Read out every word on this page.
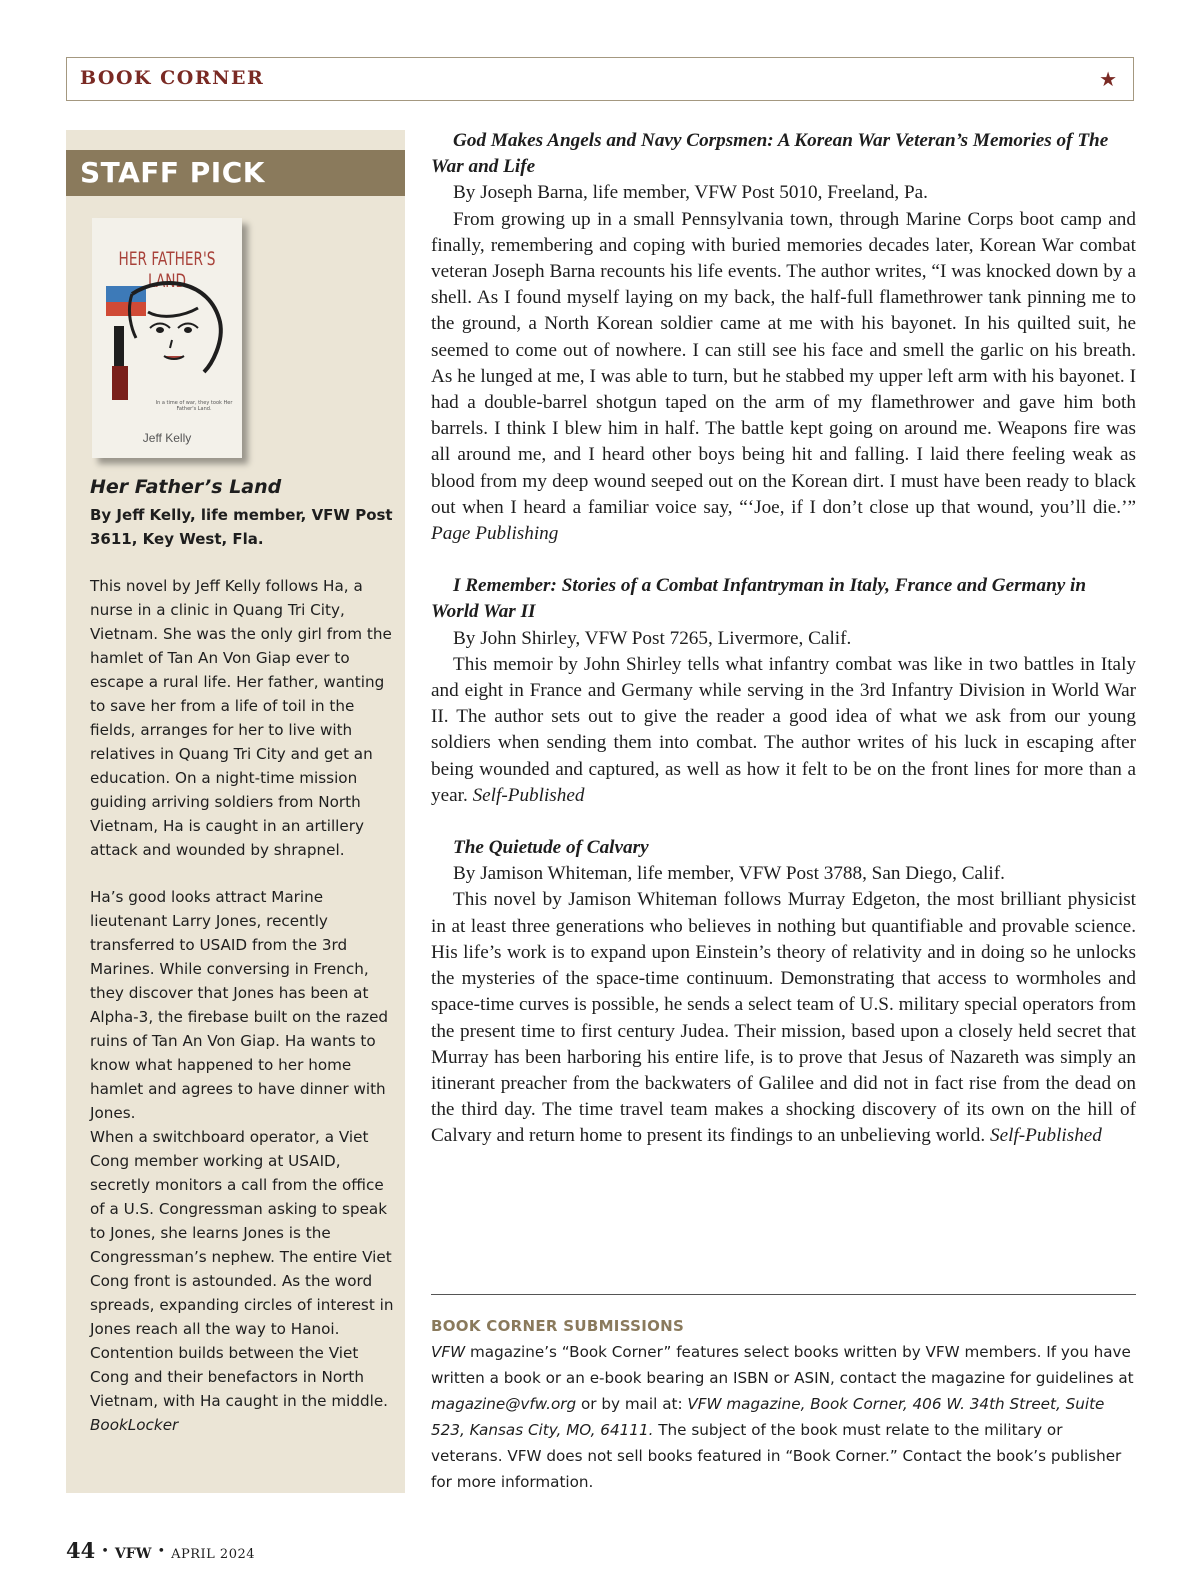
BOOK CORNER	★
STAFF PICK
HER FATHER'S LAND
In a time of war, they took Her Father's Land.
Jeff Kelly
Her Father’s Land
By Jeff Kelly, life member, VFW Post 3611, Key West, Fla.
This novel by Jeff Kelly follows Ha, a nurse in a clinic in Quang Tri City, Vietnam. She was the only girl from the hamlet of Tan An Von Giap ever to escape a rural life. Her father, wanting to save her from a life of toil in the fields, arranges for her to live with relatives in Quang Tri City and get an education. On a night-time mission guiding arriving soldiers from North Vietnam, Ha is caught in an artillery attack and wounded by shrapnel.
Ha’s good looks attract Marine lieutenant Larry Jones, recently transferred to USAID from the 3rd Marines. While conversing in French, they discover that Jones has been at Alpha-3, the firebase built on the razed ruins of Tan An Von Giap. Ha wants to know what happened to her home hamlet and agrees to have dinner with Jones.
When a switchboard operator, a Viet Cong member working at USAID, secretly monitors a call from the office of a U.S. Congressman asking to speak to Jones, she learns Jones is the Congressman’s nephew. The entire Viet Cong front is astounded. As the word spreads, expanding circles of interest in Jones reach all the way to Hanoi. Contention builds between the Viet Cong and their benefactors in North Vietnam, with Ha caught in the middle. BookLocker
God Makes Angels and Navy Corpsmen: A Korean War Veteran’s Memories of The War and Life
By Joseph Barna, life member, VFW Post 5010, Freeland, Pa.
From growing up in a small Pennsylvania town, through Marine Corps boot camp and finally, remembering and coping with buried memories decades later, Korean War combat veteran Joseph Barna recounts his life events. The author writes, “I was knocked down by a shell. As I found myself laying on my back, the half-full flamethrower tank pinning me to the ground, a North Korean soldier came at me with his bayonet. In his quilted suit, he seemed to come out of nowhere. I can still see his face and smell the garlic on his breath. As he lunged at me, I was able to turn, but he stabbed my upper left arm with his bayonet. I had a double-barrel shotgun taped on the arm of my flamethrower and gave him both barrels. I think I blew him in half. The battle kept going on around me. Weapons fire was all around me, and I heard other boys being hit and falling. I laid there feeling weak as blood from my deep wound seeped out on the Korean dirt. I must have been ready to black out when I heard a familiar voice say, “‘Joe, if I don’t close up that wound, you’ll die.’” Page Publishing
I Remember: Stories of a Combat Infantryman in Italy, France and Germany in World War II
By John Shirley, VFW Post 7265, Livermore, Calif.
This memoir by John Shirley tells what infantry combat was like in two battles in Italy and eight in France and Germany while serving in the 3rd Infantry Division in World War II. The author sets out to give the reader a good idea of what we ask from our young soldiers when sending them into combat. The author writes of his luck in escaping after being wounded and captured, as well as how it felt to be on the front lines for more than a year. Self-Published
The Quietude of Calvary
By Jamison Whiteman, life member, VFW Post 3788, San Diego, Calif.
This novel by Jamison Whiteman follows Murray Edgeton, the most brilliant physicist in at least three generations who believes in nothing but quantifiable and provable science. His life’s work is to expand upon Einstein’s theory of relativity and in doing so he unlocks the mysteries of the space-time continuum. Demonstrating that access to wormholes and space-time curves is possible, he sends a select team of U.S. military special operators from the present time to first century Judea. Their mission, based upon a closely held secret that Murray has been harboring his entire life, is to prove that Jesus of Nazareth was simply an itinerant preacher from the backwaters of Galilee and did not in fact rise from the dead on the third day. The time travel team makes a shocking discovery of its own on the hill of Calvary and return home to present its findings to an unbelieving world. Self-Published
BOOK CORNER SUBMISSIONS
VFW magazine’s “Book Corner” features select books written by VFW members. If you have written a book or an e-book bearing an ISBN or ASIN, contact the magazine for guidelines at magazine@vfw.org or by mail at: VFW magazine, Book Corner, 406 W. 34th Street, Suite 523, Kansas City, MO, 64111. The subject of the book must relate to the military or veterans. VFW does not sell books featured in “Book Corner.” Contact the book’s publisher for more information.
44 • VFW • APRIL 2024
